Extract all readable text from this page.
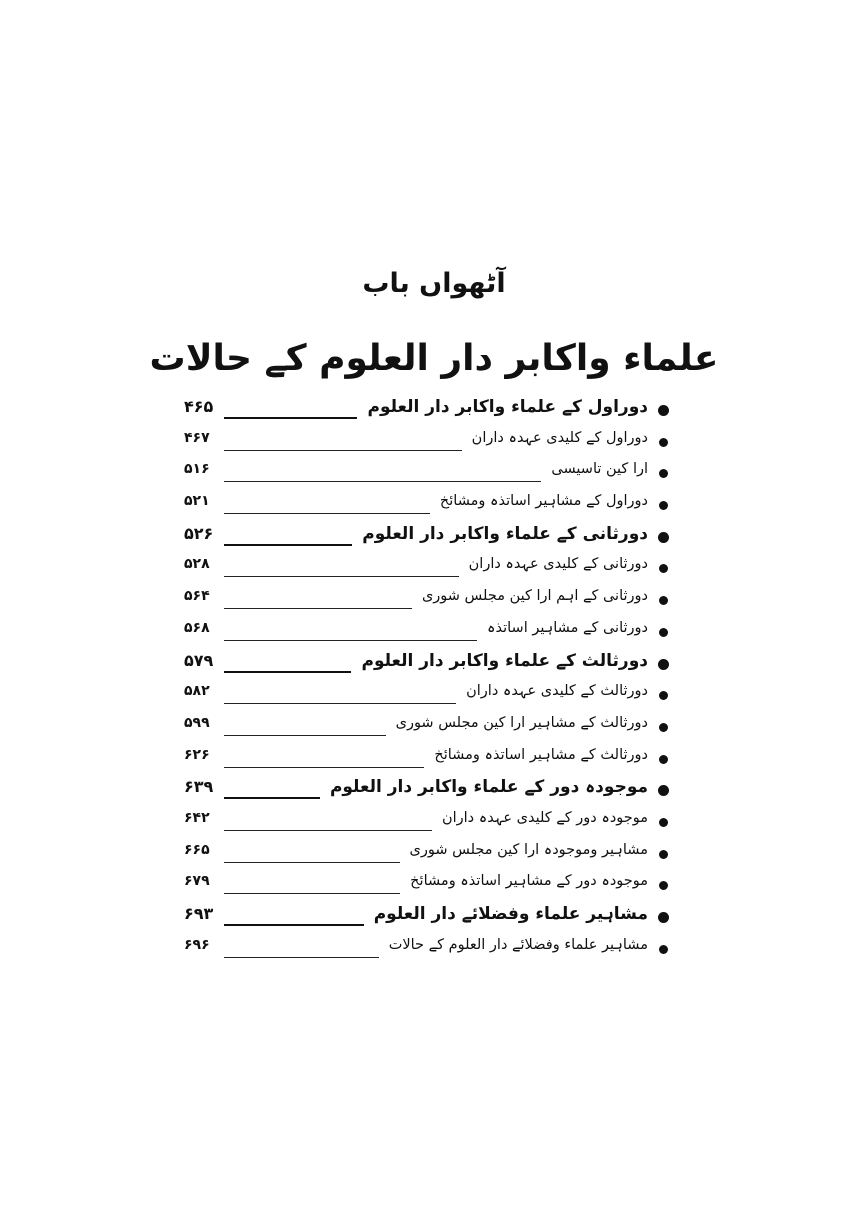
آٹھواں باب
علماء واکابر دار العلوم کے حالات
دوراول کے علماء واکابر دار العلوم
۴۶۵
دوراول کے کلیدی عہدہ داران
۴۶۷
ارا کین تاسیسی
۵۱۶
دوراول کے مشاہیر اساتذہ ومشائخ
۵۲۱
دورثانی کے علماء واکابر دار العلوم
۵۲۶
دورثانی کے کلیدی عہدہ داران
۵۲۸
دورثانی کے اہم ارا کین مجلس شوری
۵۶۴
دورثانی کے مشاہیر اساتذہ
۵۶۸
دورثالث کے علماء واکابر دار العلوم
۵۷۹
دورثالث کے کلیدی عہدہ داران
۵۸۲
دورثالث کے مشاہیر ارا کین مجلس شوری
۵۹۹
دورثالث کے مشاہیر اساتذہ ومشائخ
۶۲۶
موجودہ دور کے علماء واکابر دار العلوم
۶۳۹
موجودہ دور کے کلیدی عہدہ داران
۶۴۲
مشاہیر وموجودہ ارا کین مجلس شوری
۶۶۵
موجودہ دور کے مشاہیر اساتذہ ومشائخ
۶۷۹
مشاہیر علماء وفضلائے دار العلوم
۶۹۳
مشاہیر علماء وفضلائے دار العلوم کے حالات
۶۹۶
